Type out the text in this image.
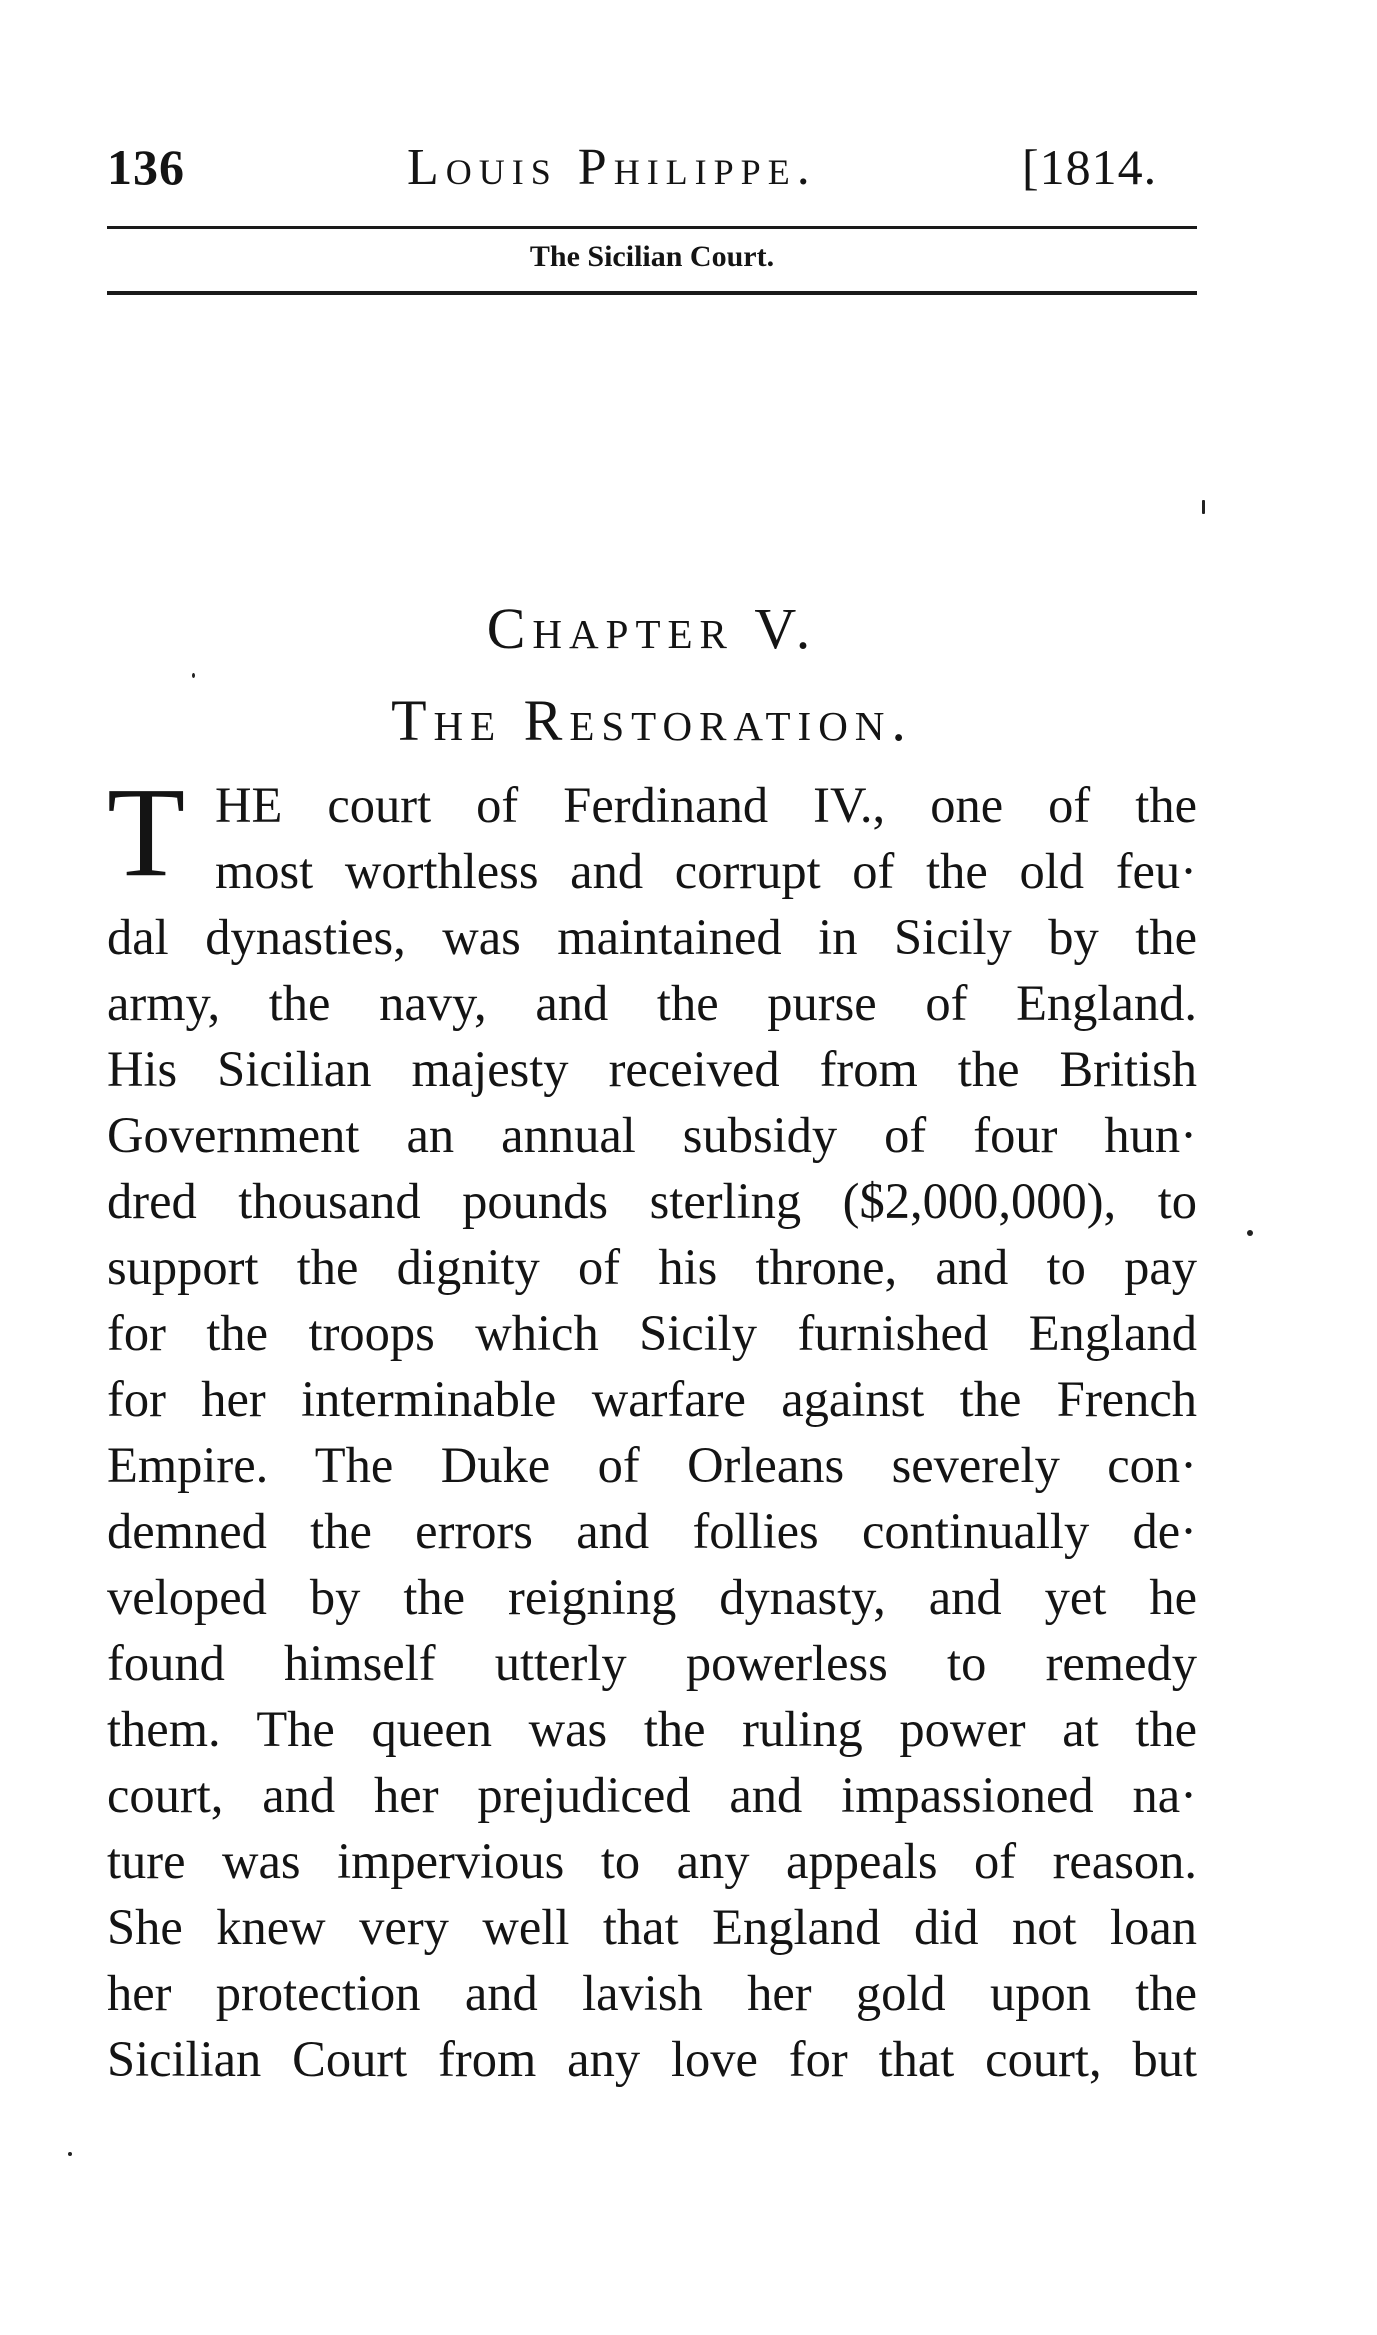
136	Louis Philippe.	[1814.
The Sicilian Court.
Chapter V.
The Restoration.
T HE court of Ferdinand IV., one of the
most worthless and corrupt of the old feu·
dal dynasties, was maintained in Sicily by the
army, the navy, and the purse of England.
His Sicilian majesty received from the British
Government an annual subsidy of four hun·
dred thousand pounds sterling ($2,000,000), to
support the dignity of his throne, and to pay
for the troops which Sicily furnished England
for her interminable warfare against the French
Empire. The Duke of Orleans severely con·
demned the errors and follies continually de·
veloped by the reigning dynasty, and yet he
found himself utterly powerless to remedy
them. The queen was the ruling power at the
court, and her prejudiced and impassioned na·
ture was impervious to any appeals of reason.
She knew very well that England did not loan
her protection and lavish her gold upon the
Sicilian Court from any love for that court, but
